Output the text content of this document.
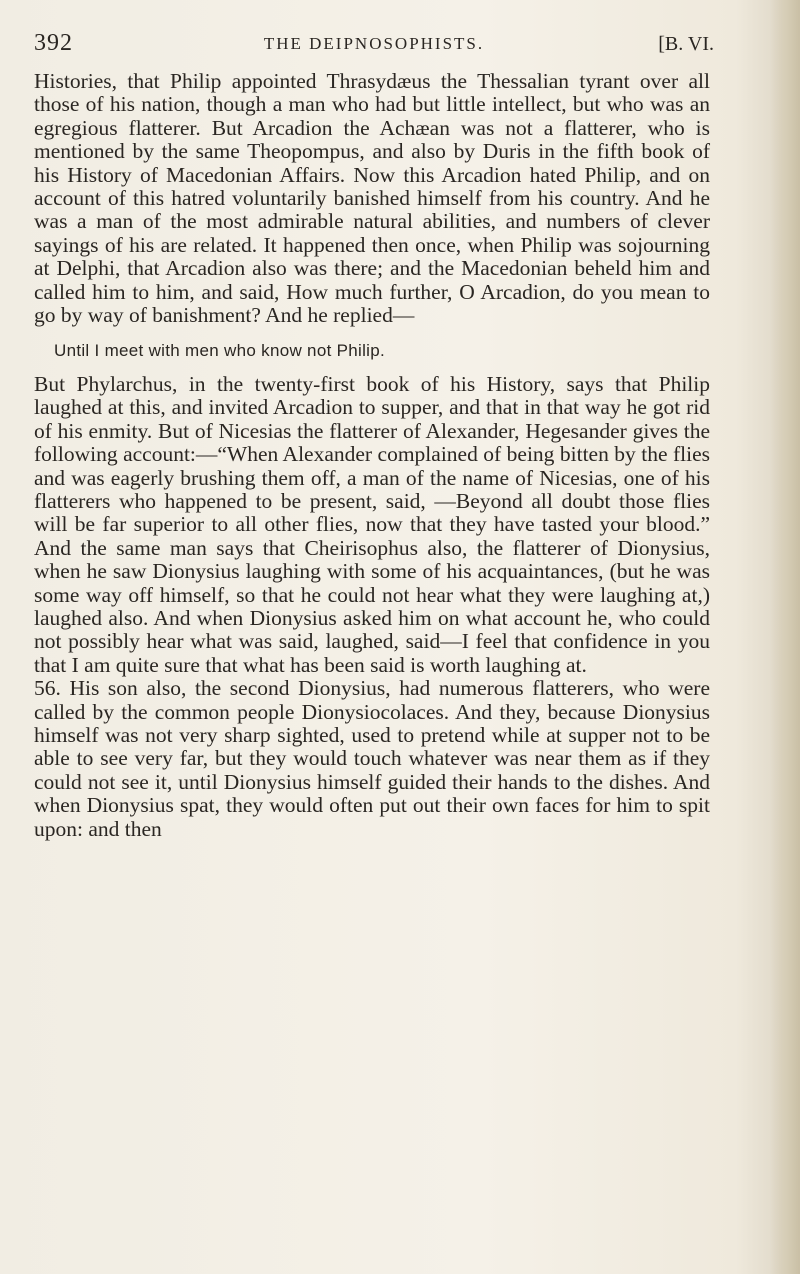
392	THE DEIPNOSOPHISTS.	[B. VI.

Histories, that Philip appointed Thrasydæus the Thessalian tyrant over all those of his nation, though a man who had but little intellect, but who was an egregious flatterer. But Arcadion the Achæan was not a flatterer, who is mentioned by the same Theopompus, and also by Duris in the fifth book of his History of Macedonian Affairs. Now this Arcadion hated Philip, and on account of this hatred voluntarily banished himself from his country. And he was a man of the most admirable natural abilities, and numbers of clever sayings of his are related. It happened then once, when Philip was sojourning at Delphi, that Arcadion also was there; and the Macedonian beheld him and called him to him, and said, How much further, O Arcadion, do you mean to go by way of banishment? And he replied—

Until I meet with men who know not Philip.

But Phylarchus, in the twenty-first book of his History, says that Philip laughed at this, and invited Arcadion to supper, and that in that way he got rid of his enmity. But of Nicesias the flatterer of Alexander, Hegesander gives the following account:—“When Alexander complained of being bitten by the flies and was eagerly brushing them off, a man of the name of Nicesias, one of his flatterers who happened to be present, said, —Beyond all doubt those flies will be far superior to all other flies, now that they have tasted your blood.” And the same man says that Cheirisophus also, the flatterer of Dionysius, when he saw Dionysius laughing with some of his acquaintances, (but he was some way off himself, so that he could not hear what they were laughing at,) laughed also. And when Dionysius asked him on what account he, who could not possibly hear what was said, laughed, said—I feel that confidence in you that I am quite sure that what has been said is worth laughing at.

56. His son also, the second Dionysius, had numerous flatterers, who were called by the common people Dionysiocolaces. And they, because Dionysius himself was not very sharp sighted, used to pretend while at supper not to be able to see very far, but they would touch whatever was near them as if they could not see it, until Dionysius himself guided their hands to the dishes. And when Dionysius spat, they would often put out their own faces for him to spit upon: and then
